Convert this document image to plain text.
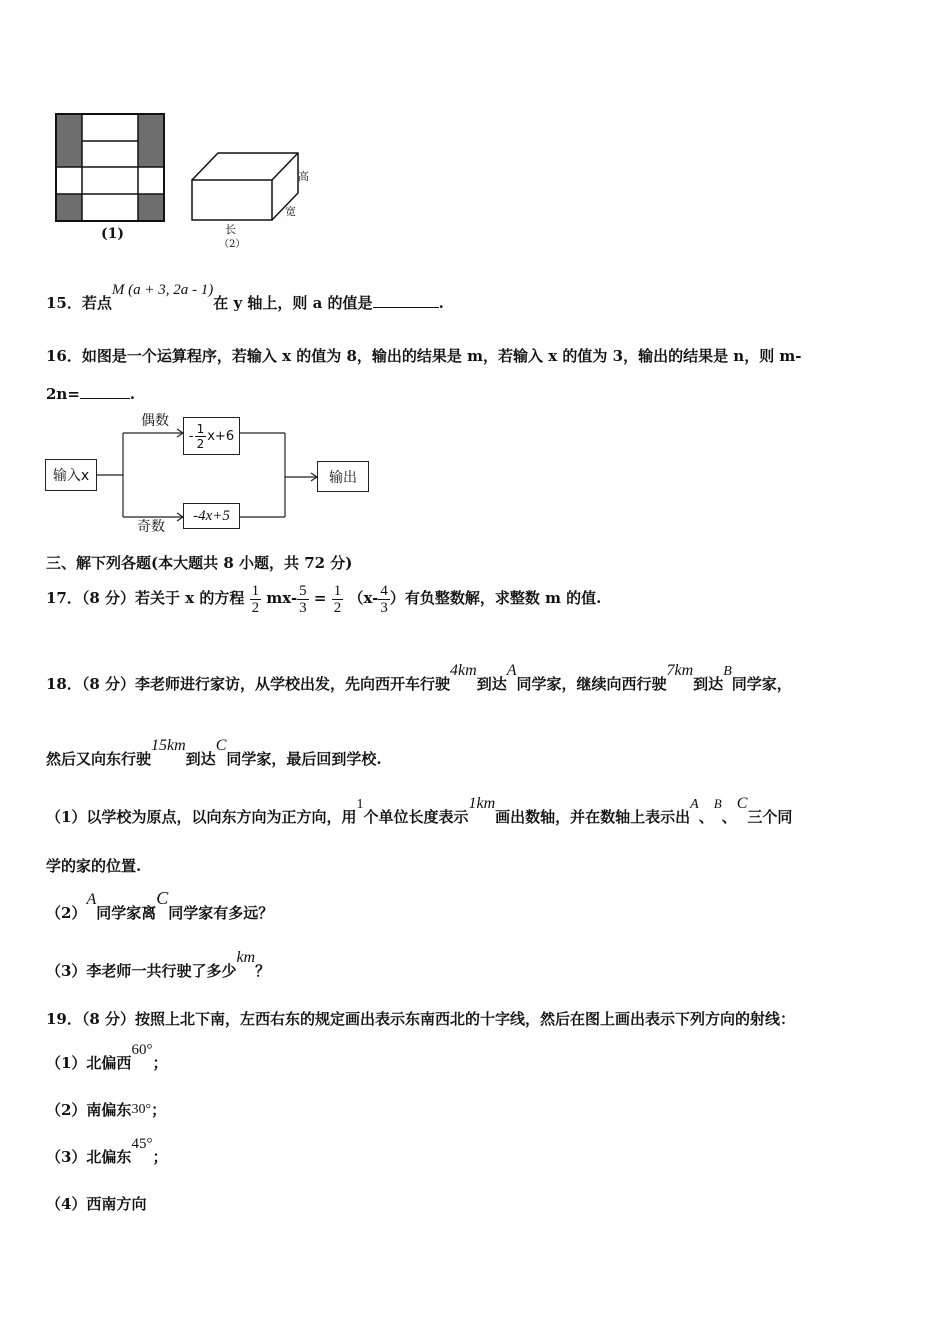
(1)
高
宽
长
（2）
15．若点M (a + 3, 2a - 1)在 y 轴上，则 a 的值是	.
16．如图是一个运算程序，若输入 x 的值为 8，输出的结果是 m，若输入 x 的值为 3，输出的结果是 n，则 m-
2n=	.
输入x	输出
- $\frac{1}{2} x+6$
-4x+5
偶数
奇数
三、解下列各题(本大题共 8 小题，共 72 分)
17．（8 分）若关于 x 的方程 $\frac{1}{2} mx- \frac{5}{3} = \frac{1}{2} (x- \frac{4}{3}$ ）有负整数解，求整数 m 的值.
18．（8 分）李老师进行家访，从学校出发，先向西开车行驶4km到达A同学家，继续向西行驶7km到达B同学家，
然后又向东行驶15km到达C同学家，最后回到学校.
（1）以学校为原点，以向东方向为正方向，用1个单位长度表示1km画出数轴，并在数轴上表示出A、B、C三个同
学的家的位置.
（2）A同学家离C同学家有多远？
（3）李老师一共行驶了多少km？
19．（8 分）按照上北下南，左西右东的规定画出表示东南西北的十字线，然后在图上画出表示下列方向的射线：
（1）北偏西60°；
（2）南偏东30°；
（3）北偏东45°；
（4）西南方向
